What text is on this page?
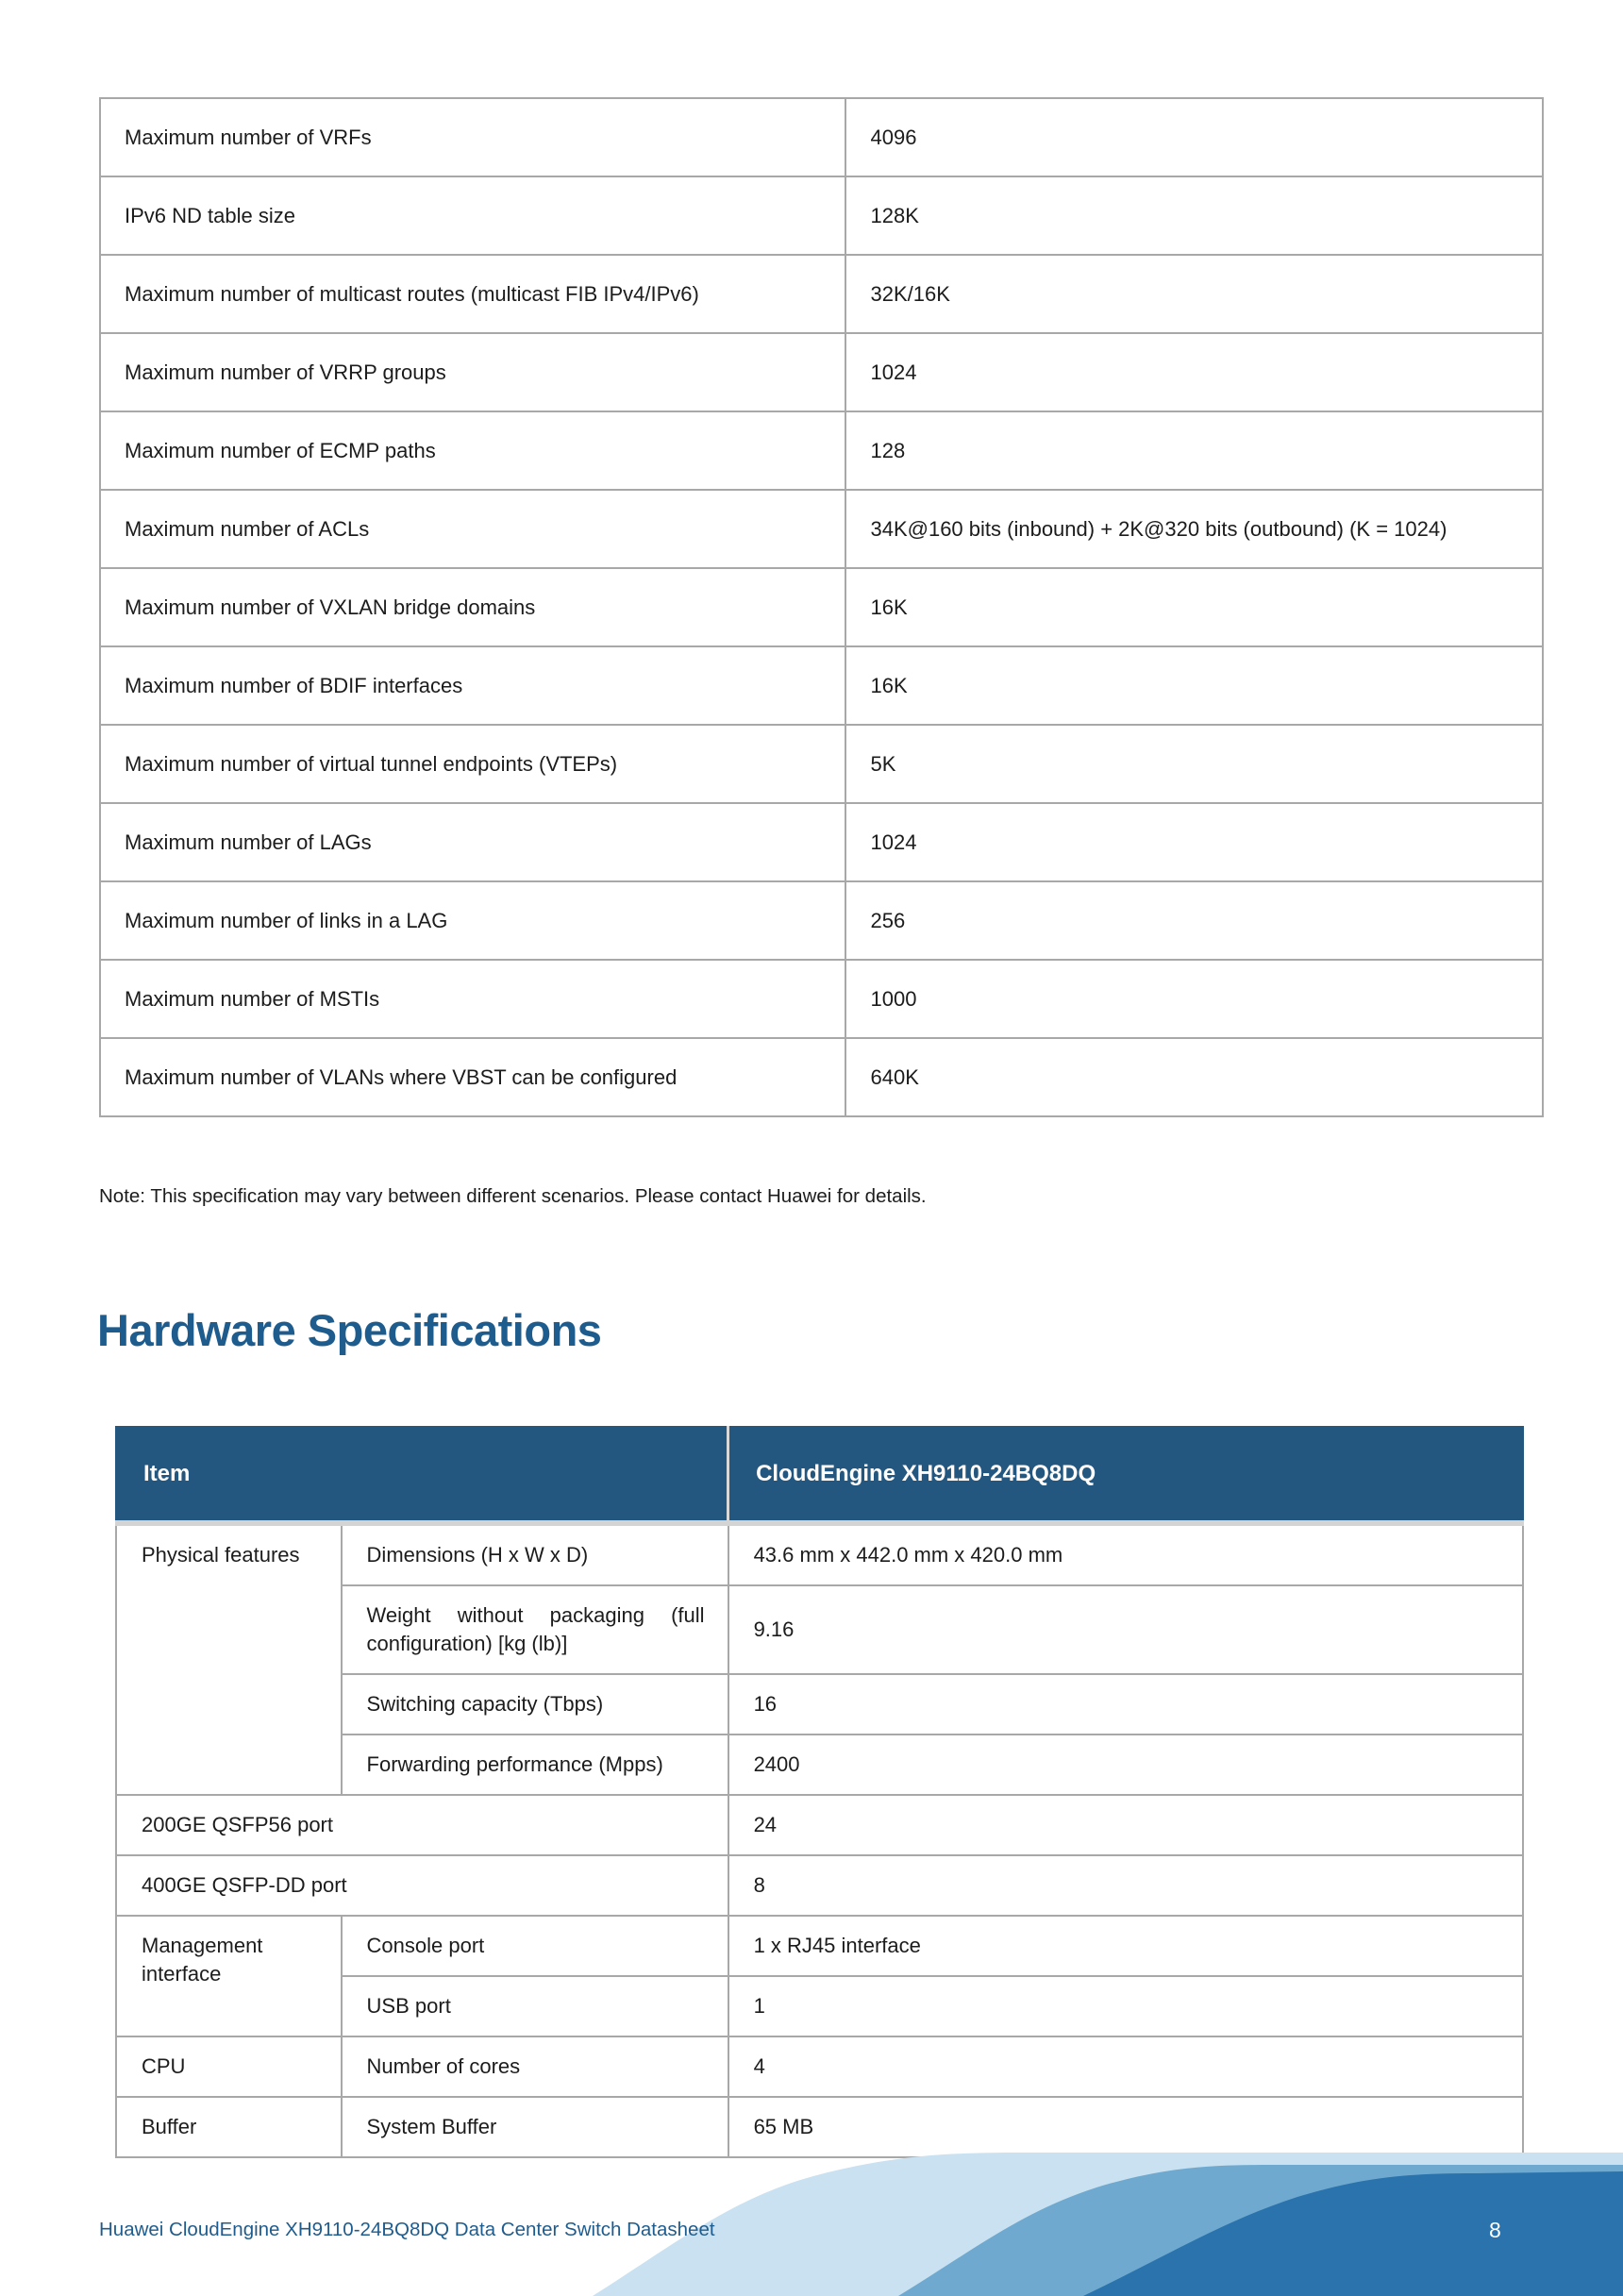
Maximum number of VRFs	4096
IPv6 ND table size	128K
Maximum number of multicast routes (multicast FIB IPv4/IPv6)	32K/16K
Maximum number of VRRP groups	1024
Maximum number of ECMP paths	128
Maximum number of ACLs	34K@160 bits (inbound) + 2K@320 bits (outbound) (K = 1024)
Maximum number of VXLAN bridge domains	16K
Maximum number of BDIF interfaces	16K
Maximum number of virtual tunnel endpoints (VTEPs)	5K
Maximum number of LAGs	1024
Maximum number of links in a LAG	256
Maximum number of MSTIs	1000
Maximum number of VLANs where VBST can be configured	640K
Note: This specification may vary between different scenarios. Please contact Huawei for details.
Hardware Specifications
Item		CloudEngine XH9110-24BQ8DQ
Physical features	Dimensions (H x W x D)	43.6 mm x 442.0 mm x 420.0 mm
	Weight without packaging (full configuration) [kg (lb)]	9.16
	Switching capacity (Tbps)	16
	Forwarding performance (Mpps)	2400
200GE QSFP56 port		24
400GE QSFP-DD port		8
Management interface	Console port	1 x RJ45 interface
	USB port	1
CPU	Number of cores	4
Buffer	System Buffer	65 MB
Huawei CloudEngine XH9110-24BQ8DQ Data Center Switch Datasheet	8
